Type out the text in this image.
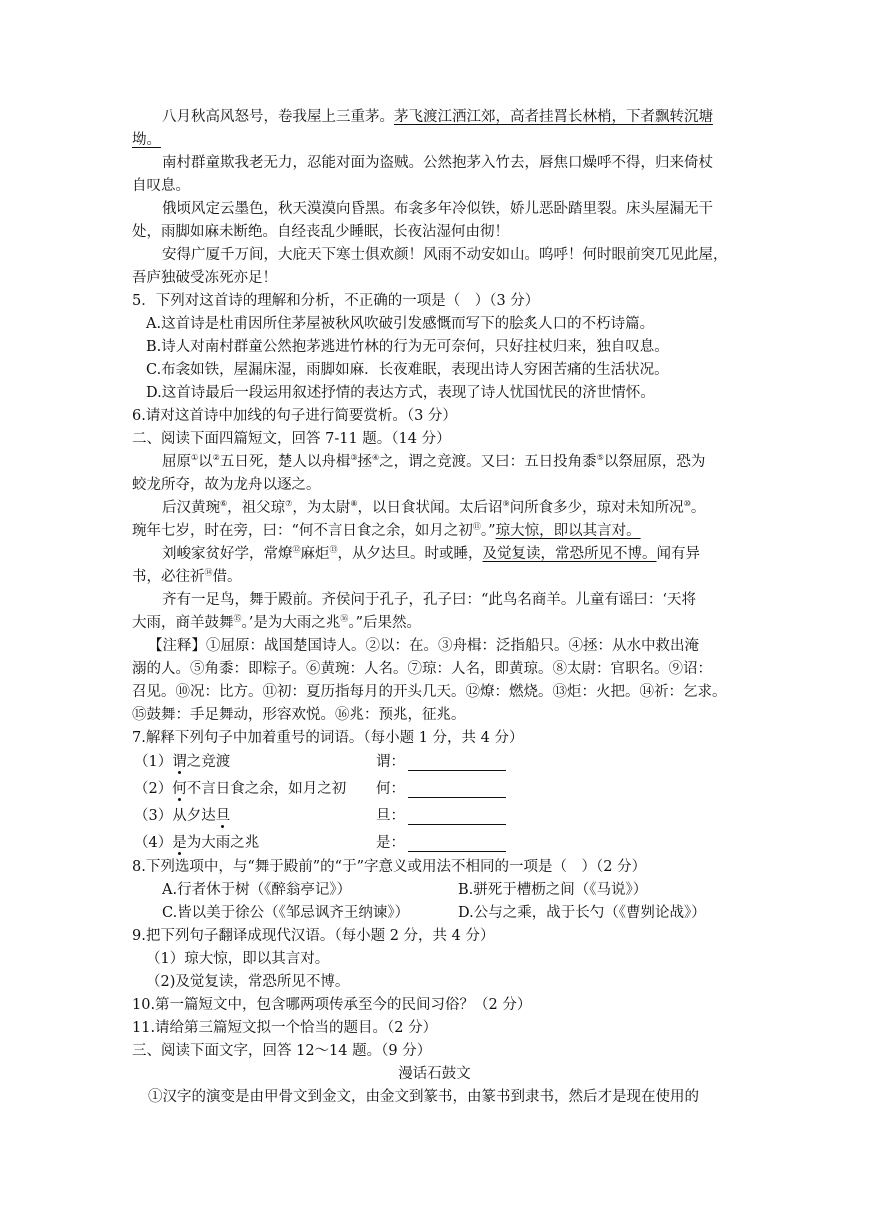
八月秋高风怒号，卷我屋上三重茅。茅飞渡江洒江郊，高者挂罥长林梢，下者飘转沉塘
坳。
南村群童欺我老无力，忍能对面为盗贼。公然抱茅入竹去，唇焦口燥呼不得，归来倚杖
自叹息。
俄顷风定云墨色，秋天漠漠向昏黑。布衾多年冷似铁，娇儿恶卧踏里裂。床头屋漏无干
处，雨脚如麻未断绝。自经丧乱少睡眠，长夜沾湿何由彻！
安得广厦千万间，大庇天下寒士俱欢颜！风雨不动安如山。呜呼！何时眼前突兀见此屋，
吾庐独破受冻死亦足！
5．下列对这首诗的理解和分析，不正确的一项是（　）（3 分）
A.这首诗是杜甫因所住茅屋被秋风吹破引发感慨而写下的脍炙人口的不朽诗篇。
B.诗人对南村群童公然抱茅逃进竹林的行为无可奈何，只好拄杖归来，独自叹息。
C.布衾如铁，屋漏床湿，雨脚如麻．长夜难眠，表现出诗人穷困苦痛的生活状况。
D.这首诗最后一段运用叙述抒情的表达方式，表现了诗人忧国忧民的济世情怀。
6.请对这首诗中加线的句子进行简要赏析。（3 分）
二、阅读下面四篇短文，回答 7-11 题。（14 分）
屈原①以②五日死，楚人以舟楫③拯④之，谓之竞渡。又曰：五日投角黍⑤以祭屈原，恐为
蛟龙所夺，故为龙舟以逐之。
后汉黄琬⑥，祖父琼⑦，为太尉⑧，以日食状闻。太后诏⑨问所食多少，琼对未知所况⑩。
琬年七岁，时在旁，曰：“何不言日食之余，如月之初⑪。”琼大惊，即以其言对。
刘峻家贫好学，常燎⑫麻炬⑬，从夕达旦。时或睡，及觉复读，常恐所见不博。闻有异
书，必往祈⑭借。
齐有一足鸟，舞于殿前。齐侯问于孔子，孔子曰：“此鸟名商羊。儿童有谣曰：‘天将
大雨，商羊鼓舞⑮。’是为大雨之兆⑯。”后果然。
【注释】①屈原：战国楚国诗人。②以：在。③舟楫：泛指船只。④拯：从水中救出淹
溺的人。⑤角黍：即粽子。⑥黄琬：人名。⑦琼：人名，即黄琼。⑧太尉：官职名。⑨诏：
召见。⑩况：比方。⑪初：夏历指每月的开头几天。⑫燎：燃烧。⑬炬：火把。⑭祈：乞求。
⑮鼓舞：手足舞动，形容欢悦。⑯兆：预兆，征兆。
7.解释下列句子中加着重号的词语。（每小题 1 分，共 4 分）
（1）谓之竞渡	谓：
（2）何不言日食之余，如月之初 何：
（3）从夕达旦	旦：
（4）是为大雨之兆	是：
8.下列选项中，与“舞于殿前”的“于”字意义或用法不相同的一项是（　）（2 分）
A.行者休于树（《醉翁亭记》）	B.骈死于槽枥之间（《马说》）
C.皆以美于徐公（《邹忌讽齐王纳谏》）	D.公与之乘，战于长勺（《曹刿论战》）
9.把下列句子翻译成现代汉语。（每小题 2 分，共 4 分）
（1）琼大惊，即以其言对。
（2)及觉复读，常恐所见不博。
10.第一篇短文中，包含哪两项传承至今的民间习俗？（2 分）
11.请给第三篇短文拟一个恰当的题目。（2 分）
三、阅读下面文字，回答 12～14 题。（9 分）
漫话石鼓文
①汉字的演变是由甲骨文到金文，由金文到篆书，由篆书到隶书，然后才是现在使用的
